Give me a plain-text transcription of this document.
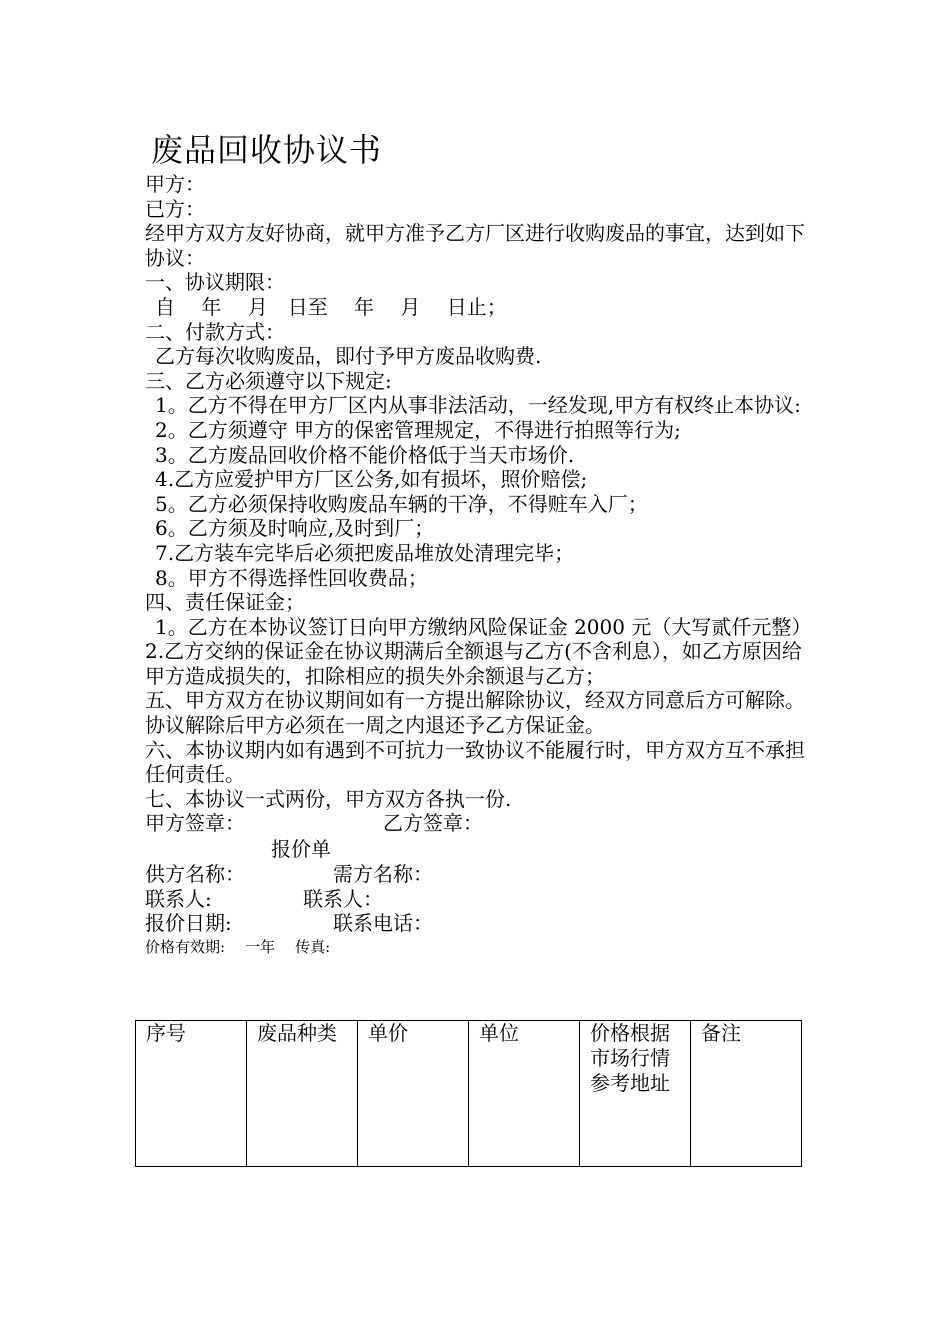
废品回收协议书
甲方：
已方：
经甲方双方友好协商，就甲方准予乙方厂区进行收购废品的事宜，达到如下协议：
一、协议期限：
自　 年 　月　日至　 年　 月　 日止；
二、付款方式：
乙方每次收购废品，即付予甲方废品收购费.
三、乙方必须遵守以下规定:
1。乙方不得在甲方厂区内从事非法活动，一经发现,甲方有权终止本协议:
2。乙方须遵守 甲方的保密管理规定，不得进行拍照等行为;
3。乙方废品回收价格不能价格低于当天市场价.
4.乙方应爱护甲方厂区公务,如有损坏，照价赔偿;
5。乙方必须保持收购废品车辆的干净，不得赃车入厂；
6。乙方须及时响应,及时到厂；
7.乙方装车完毕后必须把废品堆放处清理完毕；
8。甲方不得选择性回收费品；
四、责任保证金；
1。乙方在本协议签订日向甲方缴纳风险保证金 2000 元（大写贰仟元整）
2.乙方交纳的保证金在协议期满后全额退与乙方(不含利息），如乙方原因给甲方造成损失的，扣除相应的损失外余额退与乙方；
五、甲方双方在协议期间如有一方提出解除协议，经双方同意后方可解除。协议解除后甲方必须在一周之内退还予乙方保证金。
六、本协议期内如有遇到不可抗力一致协议不能履行时，甲方双方互不承担任何责任。
七、本协议一式两份，甲方双方各执一份.
甲方签章：	乙方签章：
报价单
供方名称：	需方名称：
联系人:	联系人：
报价日期:	联系电话：
价格有效期: 一年 传真:
序号	废品种类	单价	单位	价格根据市场行情参考地址	备注
